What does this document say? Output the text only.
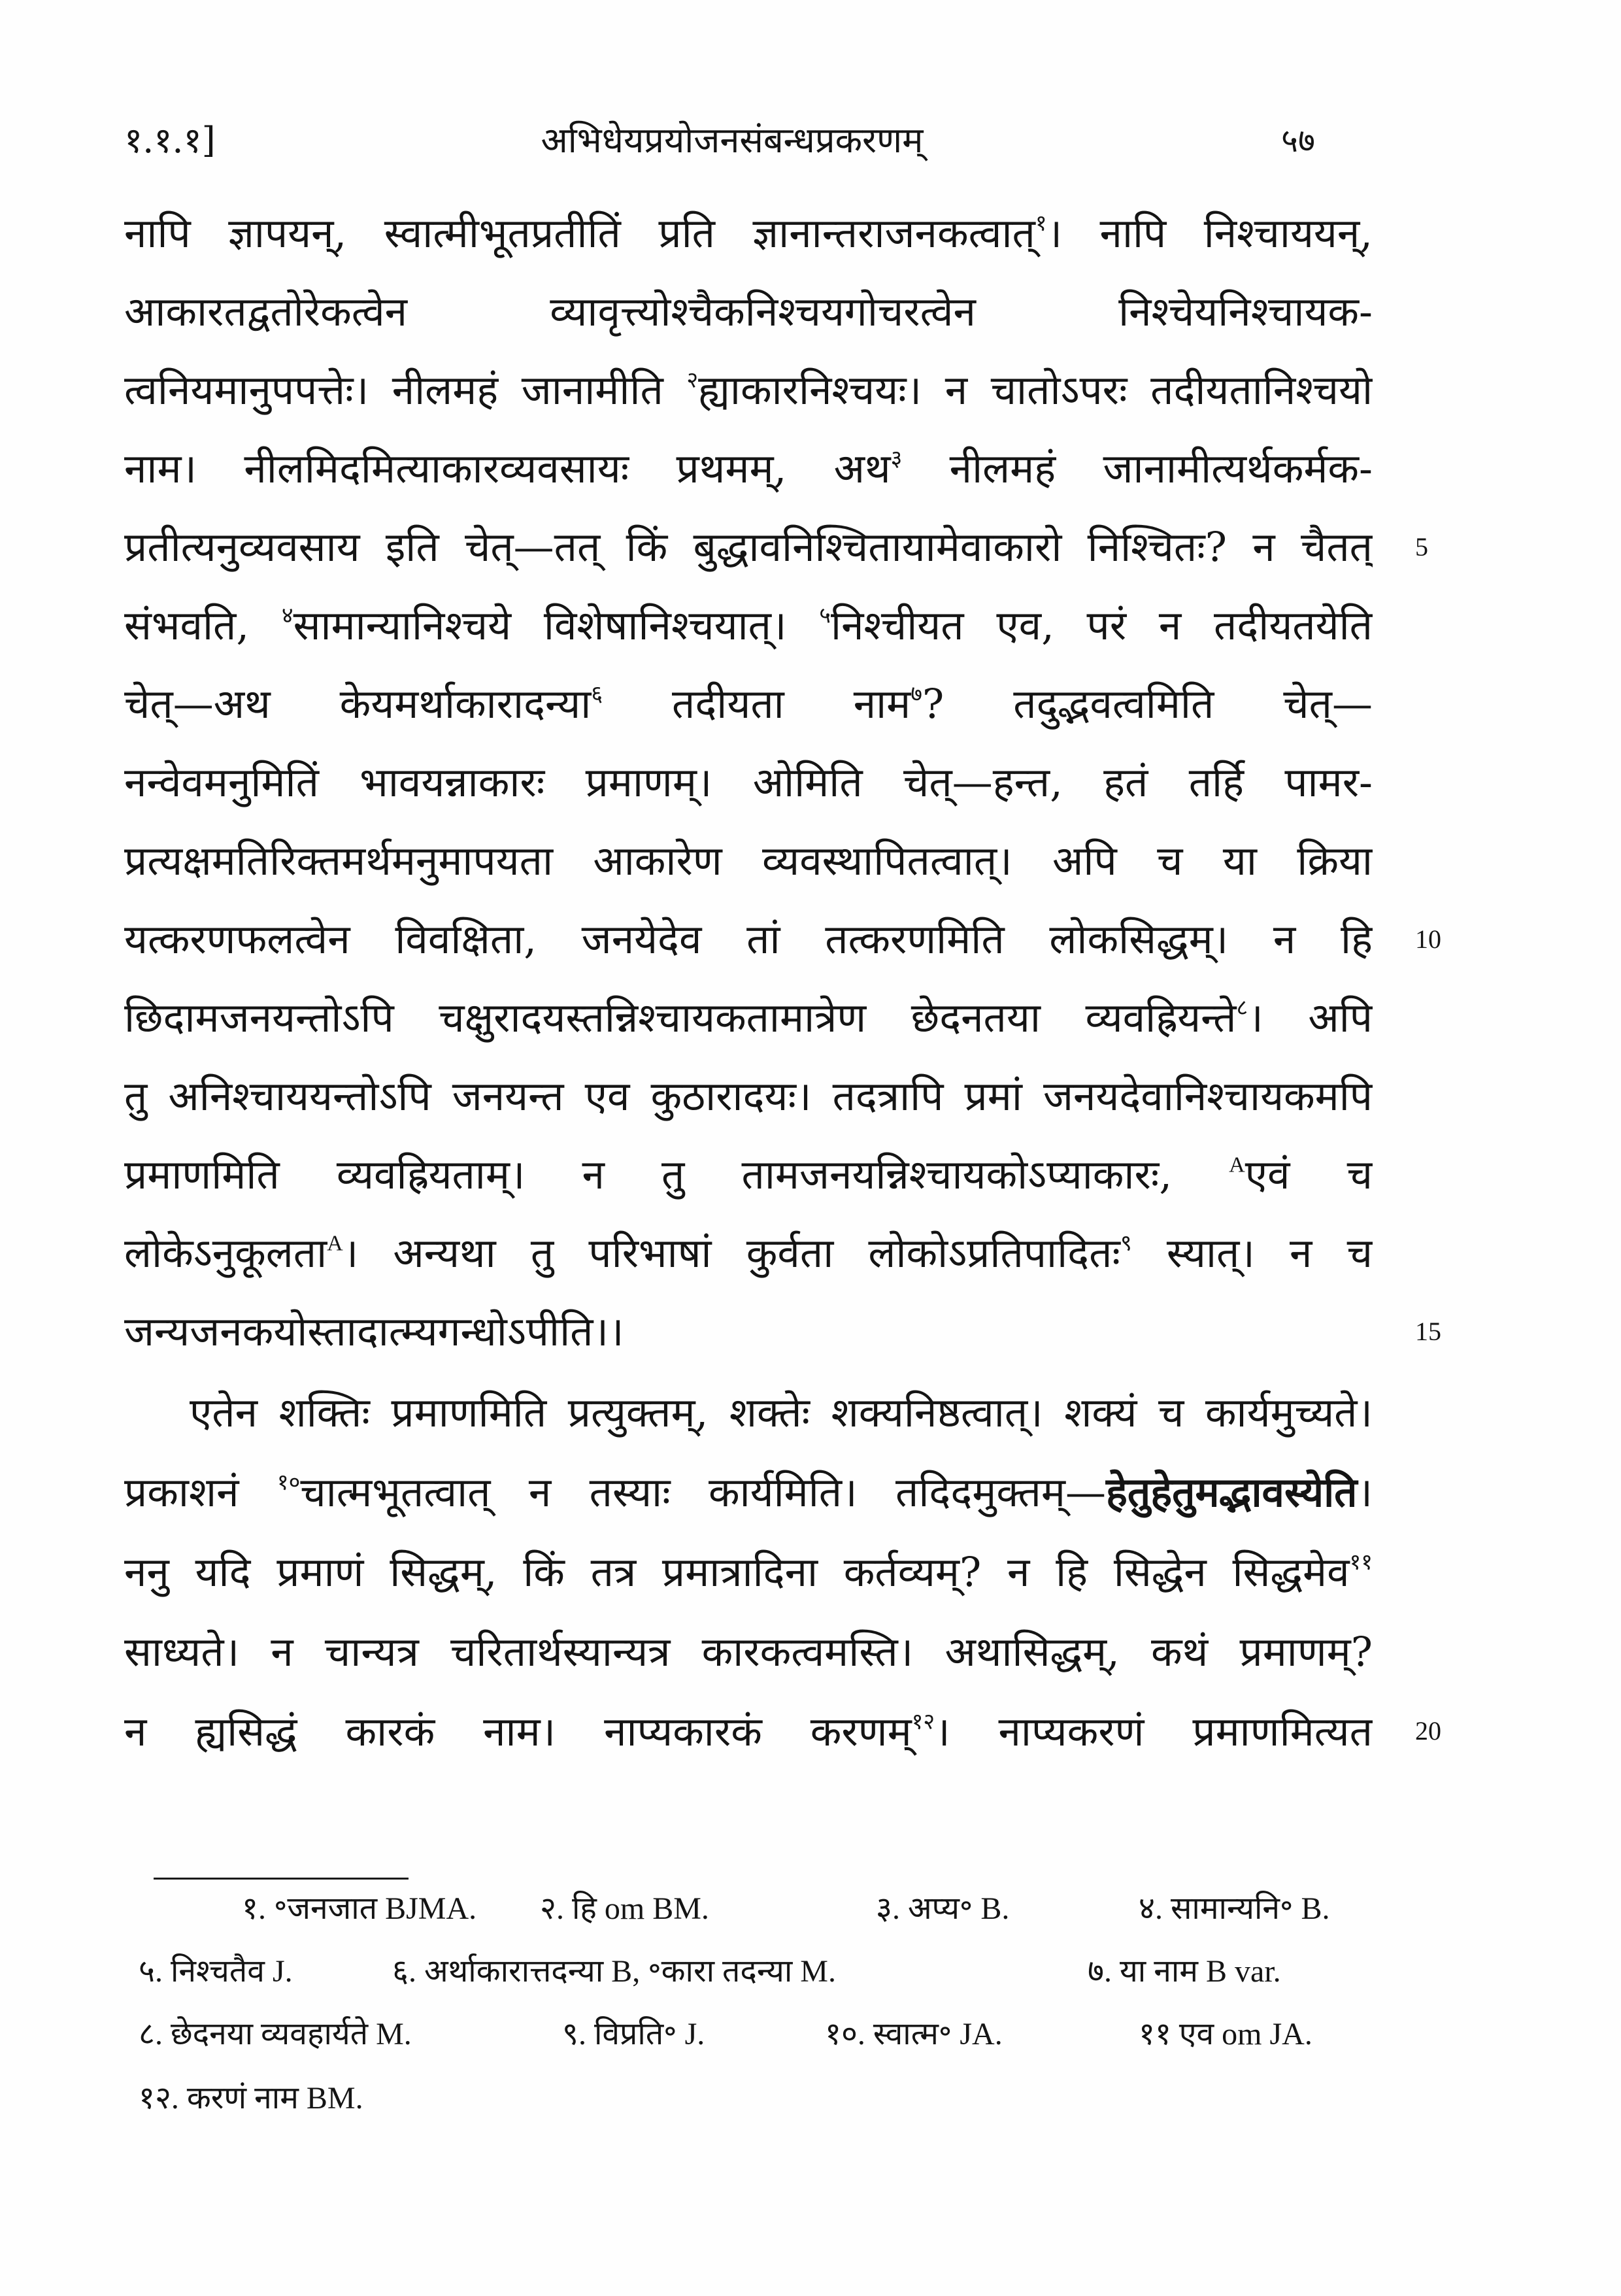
१.१.१]	अभिधेयप्रयोजनसंबन्धप्रकरणम्	५७
नापि ज्ञापयन्, स्वात्मीभूतप्रतीतिं प्रति ज्ञानान्तराजनकत्वात्$^१$। नापि निश्चाययन्,
आकारतद्वतोरेकत्वेन व्यावृत्त्योश्चैकनिश्चयगोचरत्वेन निश्चेयनिश्चायक-
त्वनियमानुपपत्तेः। नीलमहं जानामीति $^२$ह्याकारनिश्चयः। न चातोऽपरः तदीयतानिश्चयो
नाम। नीलमिदमित्याकारव्यवसायः प्रथमम्, अथ$^३$ नीलमहं जानामीत्यर्थकर्मक-
प्रतीत्यनुव्यवसाय इति चेत्—तत् किं बुद्धावनिश्चितायामेवाकारो निश्चितः? न चैतत्
संभवति, $^४$सामान्यानिश्चये विशेषानिश्चयात्। $^५$निश्चीयत एव, परं न तदीयतयेति
चेत्—अथ केयमर्थाकारादन्या$^६$ तदीयता नाम$^७$? तदुद्भवत्वमिति चेत्—
नन्वेवमनुमितिं भावयन्नाकारः प्रमाणम्। ओमिति चेत्—हन्त, हतं तर्हि पामर-
प्रत्यक्षमतिरिक्तमर्थमनुमापयता आकारेण व्यवस्थापितत्वात्। अपि च या क्रिया
यत्करणफलत्वेन विवक्षिता, जनयेदेव तां तत्करणमिति लोकसिद्धम्। न हि
छिदामजनयन्तोऽपि चक्षुरादयस्तन्निश्चायकतामात्रेण छेदनतया व्यवह्रियन्ते$^८$। अपि
तु अनिश्चाययन्तोऽपि जनयन्त एव कुठारादयः। तदत्रापि प्रमां जनयदेवानिश्चायकमपि
प्रमाणमिति व्यवह्रियताम्। न तु तामजनयन्निश्चायकोऽप्याकारः, $^A$एवं च
लोकेऽनुकूलता$^A$। अन्यथा तु परिभाषां कुर्वता लोकोऽप्रतिपादितः$^९$ स्यात्। न च
जन्यजनकयोस्तादात्म्यगन्धोऽपीति।।
एतेन शक्तिः प्रमाणमिति प्रत्युक्तम्, शक्तेः शक्यनिष्ठत्वात्। शक्यं च कार्यमुच्यते।
प्रकाशनं $^{१०}$चात्मभूतत्वात् न तस्याः कार्यमिति। तदिदमुक्तम्—हेतुहेतुमद्भावस्येति।
ननु यदि प्रमाणं सिद्धम्, किं तत्र प्रमात्रादिना कर्तव्यम्? न हि सिद्धेन सिद्धमेव$^{११}$
साध्यते। न चान्यत्र चरितार्थस्यान्यत्र कारकत्वमस्ति। अथासिद्धम्, कथं प्रमाणम्?
न ह्यसिद्धं कारकं नाम। नाप्यकारकं करणम्$^{१२}$। नाप्यकरणं प्रमाणमित्यत
5
10
15
20
१. ॰जनजात BJMA. २. हि om BM.	३. अप्य॰ B.	४. सामान्यनि॰ B.
५. निश्चतैव J.	६. अर्थाकारात्तदन्या B, ॰कारा तदन्या M.	७. या नाम B var.
८. छेदनया व्यवहार्यते M.	९. विप्रति॰ J.	१०. स्वात्म॰ JA.	११ एव om JA.
१२. करणं नाम BM.
